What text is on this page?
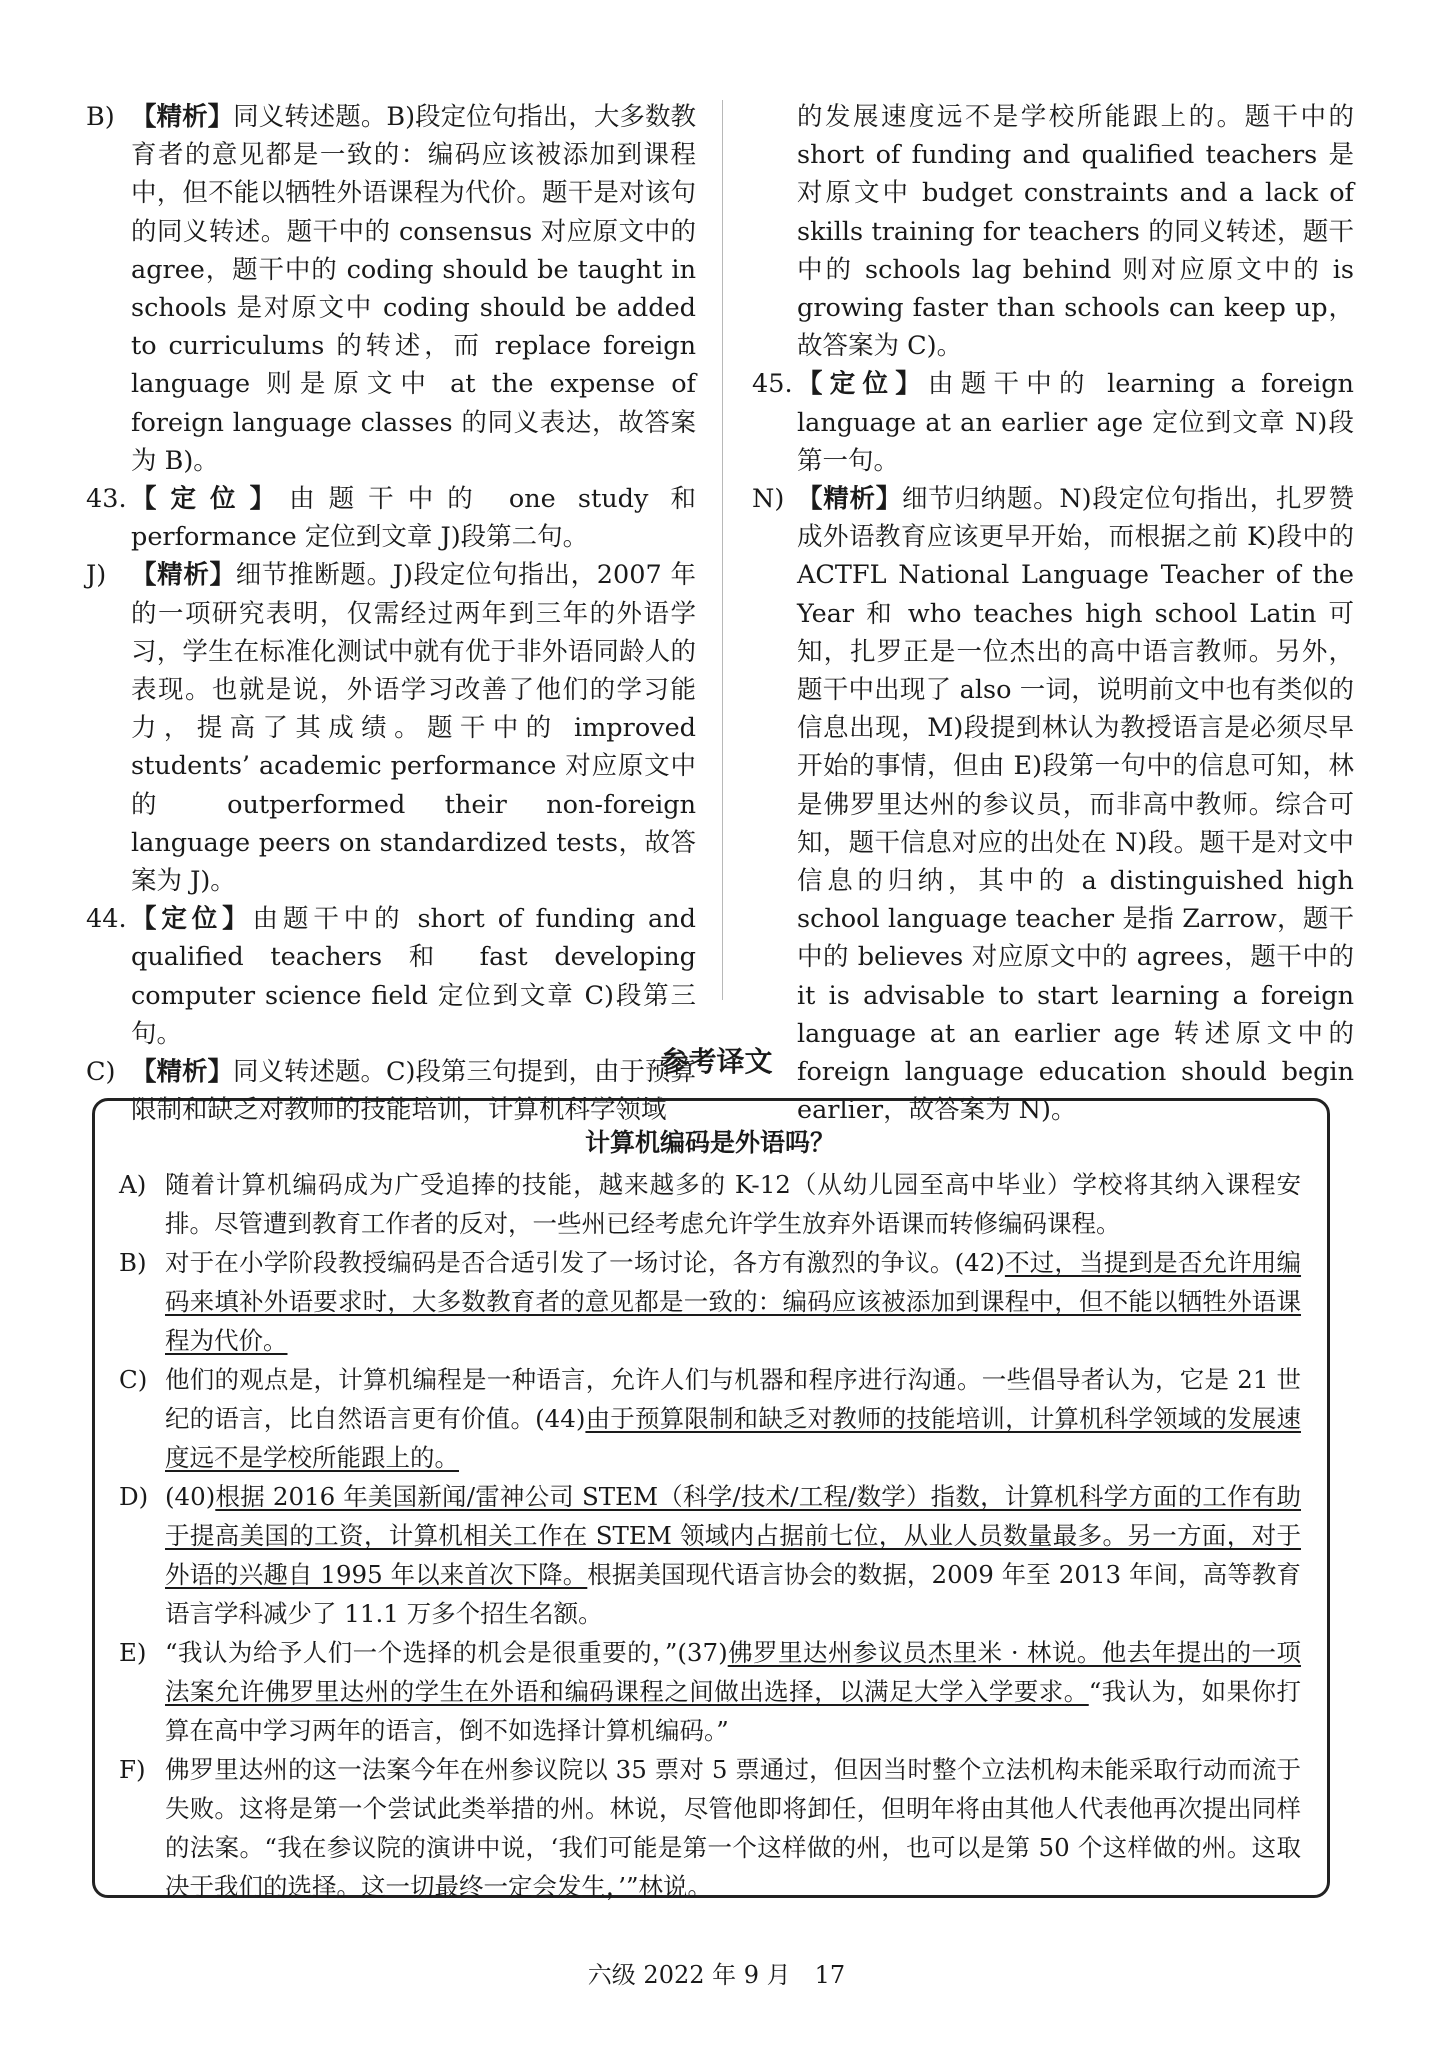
B) 【精析】同义转述题。B)段定位句指出，大多数教育者的意见都是一致的：编码应该被添加到课程中，但不能以牺牲外语课程为代价。题干是对该句的同义转述。题干中的 consensus 对应原文中的 agree，题干中的 coding should be taught in schools 是对原文中 coding should be added to curriculums 的转述，而 replace foreign language 则是原文中 at the expense of foreign language classes 的同义表达，故答案为 B)。

43. 【定位】由题干中的 one study 和 performance 定位到文章 J)段第二句。

J) 【精析】细节推断题。J)段定位句指出，2007 年的一项研究表明，仅需经过两年到三年的外语学习，学生在标准化测试中就有优于非外语同龄人的表现。也就是说，外语学习改善了他们的学习能力，提高了其成绩。题干中的 improved students’ academic performance 对应原文中的 outperformed their non-foreign language peers on standardized tests，故答案为 J)。

44. 【定位】由题干中的 short of funding and qualified teachers 和 fast developing computer science field 定位到文章 C)段第三句。

C) 【精析】同义转述题。C)段第三句提到，由于预算限制和缺乏对教师的技能培训，计算机科学领域

的发展速度远不是学校所能跟上的。题干中的 short of funding and qualified teachers 是对原文中 budget constraints and a lack of skills training for teachers 的同义转述，题干中的 schools lag behind 则对应原文中的 is growing faster than schools can keep up，故答案为 C)。

45. 【定位】由题干中的 learning a foreign language at an earlier age 定位到文章 N)段第一句。

N) 【精析】细节归纳题。N)段定位句指出，扎罗赞成外语教育应该更早开始，而根据之前 K)段中的 ACTFL National Language Teacher of the Year 和 who teaches high school Latin 可知，扎罗正是一位杰出的高中语言教师。另外，题干中出现了 also 一词，说明前文中也有类似的信息出现，M)段提到林认为教授语言是必须尽早开始的事情，但由 E)段第一句中的信息可知，林是佛罗里达州的参议员，而非高中教师。综合可知，题干信息对应的出处在 N)段。题干是对文中信息的归纳，其中的 a distinguished high school language teacher 是指 Zarrow，题干中的 believes 对应原文中的 agrees，题干中的 it is advisable to start learning a foreign language at an earlier age 转述原文中的 foreign language education should begin earlier，故答案为 N)。

参考译文
计算机编码是外语吗？
A) 随着计算机编码成为广受追捧的技能，越来越多的 K-12（从幼儿园至高中毕业）学校将其纳入课程安排。尽管遭到教育工作者的反对，一些州已经考虑允许学生放弃外语课而转修编码课程。
B) 对于在小学阶段教授编码是否合适引发了一场讨论，各方有激烈的争议。(42)不过，当提到是否允许用编码来填补外语要求时，大多数教育者的意见都是一致的：编码应该被添加到课程中，但不能以牺牲外语课程为代价。
C) 他们的观点是，计算机编程是一种语言，允许人们与机器和程序进行沟通。一些倡导者认为，它是 21 世纪的语言，比自然语言更有价值。(44)由于预算限制和缺乏对教师的技能培训，计算机科学领域的发展速度远不是学校所能跟上的。
D) (40)根据 2016 年美国新闻/雷神公司 STEM（科学/技术/工程/数学）指数，计算机科学方面的工作有助于提高美国的工资，计算机相关工作在 STEM 领域内占据前七位，从业人员数量最多。另一方面，对于外语的兴趣自 1995 年以来首次下降。根据美国现代语言协会的数据，2009 年至 2013 年间，高等教育语言学科减少了 11.1 万多个招生名额。
E) “我认为给予人们一个选择的机会是很重要的，”(37)佛罗里达州参议员杰里米 · 林说。他去年提出的一项法案允许佛罗里达州的学生在外语和编码课程之间做出选择，以满足大学入学要求。“我认为，如果你打算在高中学习两年的语言，倒不如选择计算机编码。”
F) 佛罗里达州的这一法案今年在州参议院以 35 票对 5 票通过，但因当时整个立法机构未能采取行动而流于失败。这将是第一个尝试此类举措的州。林说，尽管他即将卸任，但明年将由其他人代表他再次提出同样的法案。“我在参议院的演讲中说，‘我们可能是第一个这样做的州，也可以是第 50 个这样做的州。这取决于我们的选择。这一切最终一定会发生，’”林说。
六级 2022 年 9 月　17
